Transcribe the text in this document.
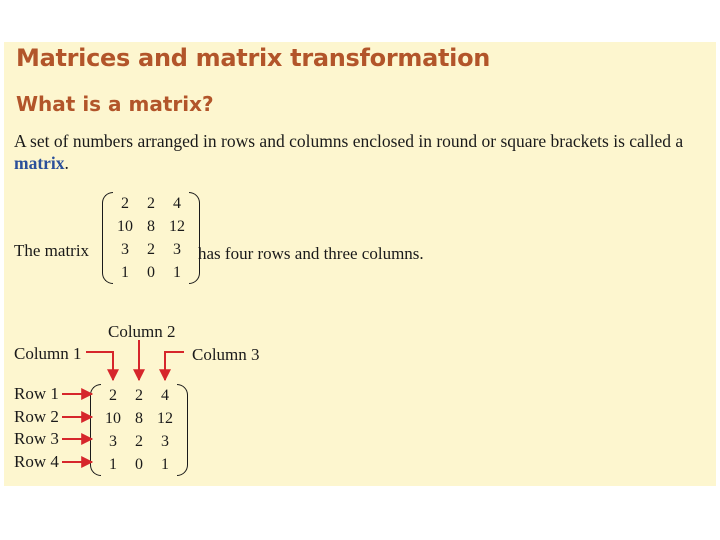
Matrices and matrix transformation
What is a matrix?
A set of numbers arranged in rows and columns enclosed in round or square brackets is called a matrix.
The matrix
2	2	4
10 8 12
3	2	3
1	0	1
has four rows and three columns.
Column 2
Column 1	Column 3
Row 1
Row 2
Row 3
Row 4
2	2	4
10 8 12
3	2	3
1	0	1
